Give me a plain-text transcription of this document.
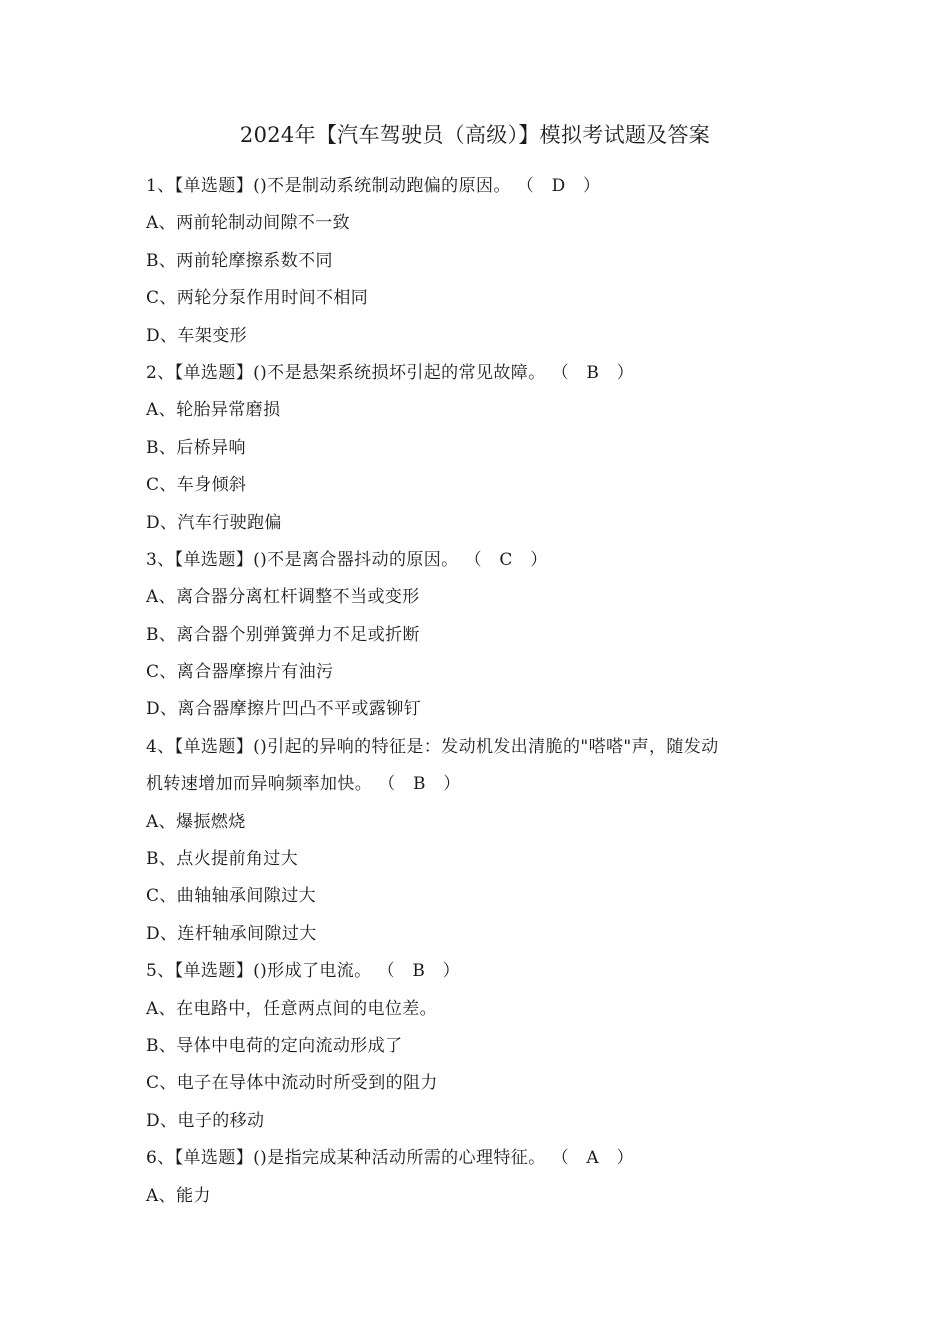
2024年【汽车驾驶员（高级）】模拟考试题及答案
1、【单选题】()不是制动系统制动跑偏的原因。 （　D　）
A、两前轮制动间隙不一致
B、两前轮摩擦系数不同
C、两轮分泵作用时间不相同
D、车架变形
2、【单选题】()不是悬架系统损坏引起的常见故障。 （　B　）
A、轮胎异常磨损
B、后桥异响
C、车身倾斜
D、汽车行驶跑偏
3、【单选题】()不是离合器抖动的原因。 （　C　）
A、离合器分离杠杆调整不当或变形
B、离合器个别弹簧弹力不足或折断
C、离合器摩擦片有油污
D、离合器摩擦片凹凸不平或露铆钉
4、【单选题】()引起的异响的特征是：发动机发出清脆的"嗒嗒"声，随发动
机转速增加而异响频率加快。 （　B　）
A、爆振燃烧
B、点火提前角过大
C、曲轴轴承间隙过大
D、连杆轴承间隙过大
5、【单选题】()形成了电流。 （　B　）
A、在电路中，任意两点间的电位差。
B、导体中电荷的定向流动形成了
C、电子在导体中流动时所受到的阻力
D、电子的移动
6、【单选题】()是指完成某种活动所需的心理特征。 （　A　）
A、能力
